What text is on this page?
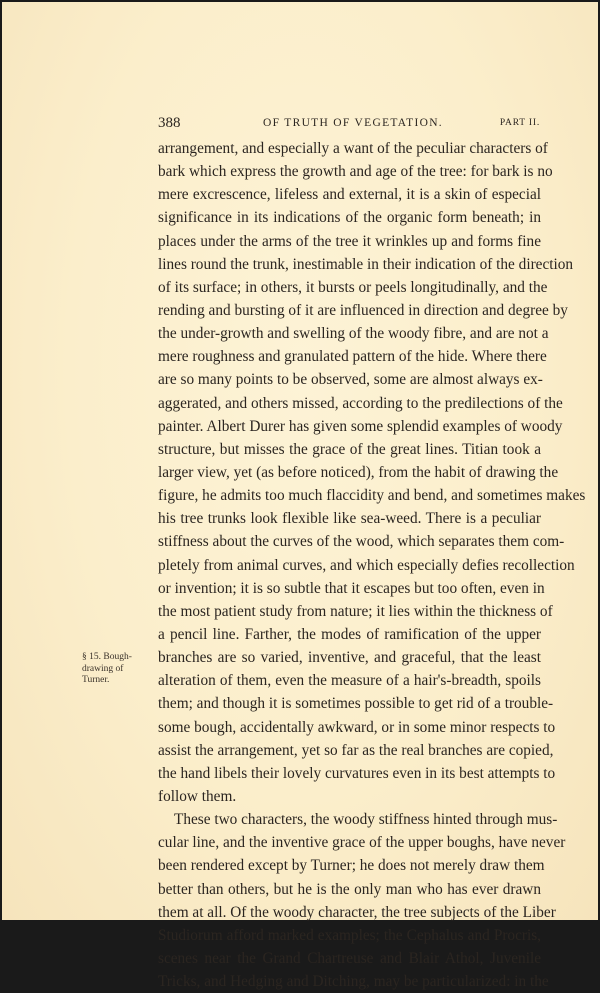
388	OF TRUTH OF VEGETATION.	PART II.
§ 15. Bough-
drawing of
Turner.
arrangement, and especially a want of the peculiar characters of
bark which express the growth and age of the tree: for bark is no
mere excrescence, lifeless and external, it is a skin of especial
significance in its indications of the organic form beneath; in
places under the arms of the tree it wrinkles up and forms fine
lines round the trunk, inestimable in their indication of the direction
of its surface; in others, it bursts or peels longitudinally, and the
rending and bursting of it are influenced in direction and degree by
the under-growth and swelling of the woody fibre, and are not a
mere roughness and granulated pattern of the hide. Where there
are so many points to be observed, some are almost always ex-
aggerated, and others missed, according to the predilections of the
painter. Albert Durer has given some splendid examples of woody
structure, but misses the grace of the great lines. Titian took a
larger view, yet (as before noticed), from the habit of drawing the
figure, he admits too much flaccidity and bend, and sometimes makes
his tree trunks look flexible like sea-weed. There is a peculiar
stiffness about the curves of the wood, which separates them com-
pletely from animal curves, and which especially defies recollection
or invention; it is so subtle that it escapes but too often, even in
the most patient study from nature; it lies within the thickness of
a pencil line. Farther, the modes of ramification of the upper
branches are so varied, inventive, and graceful, that the least
alteration of them, even the measure of a hair's-breadth, spoils
them; and though it is sometimes possible to get rid of a trouble-
some bough, accidentally awkward, or in some minor respects to
assist the arrangement, yet so far as the real branches are copied,
the hand libels their lovely curvatures even in its best attempts to
follow them.
These two characters, the woody stiffness hinted through mus-
cular line, and the inventive grace of the upper boughs, have never
been rendered except by Turner; he does not merely draw them
better than others, but he is the only man who has ever drawn
them at all. Of the woody character, the tree subjects of the Liber
Studiorum afford marked examples; the Cephalus and Procris,
scenes near the Grand Chartreuse and Blair Athol, Juvenile
Tricks, and Hedging and Ditching, may be particularized: in the
